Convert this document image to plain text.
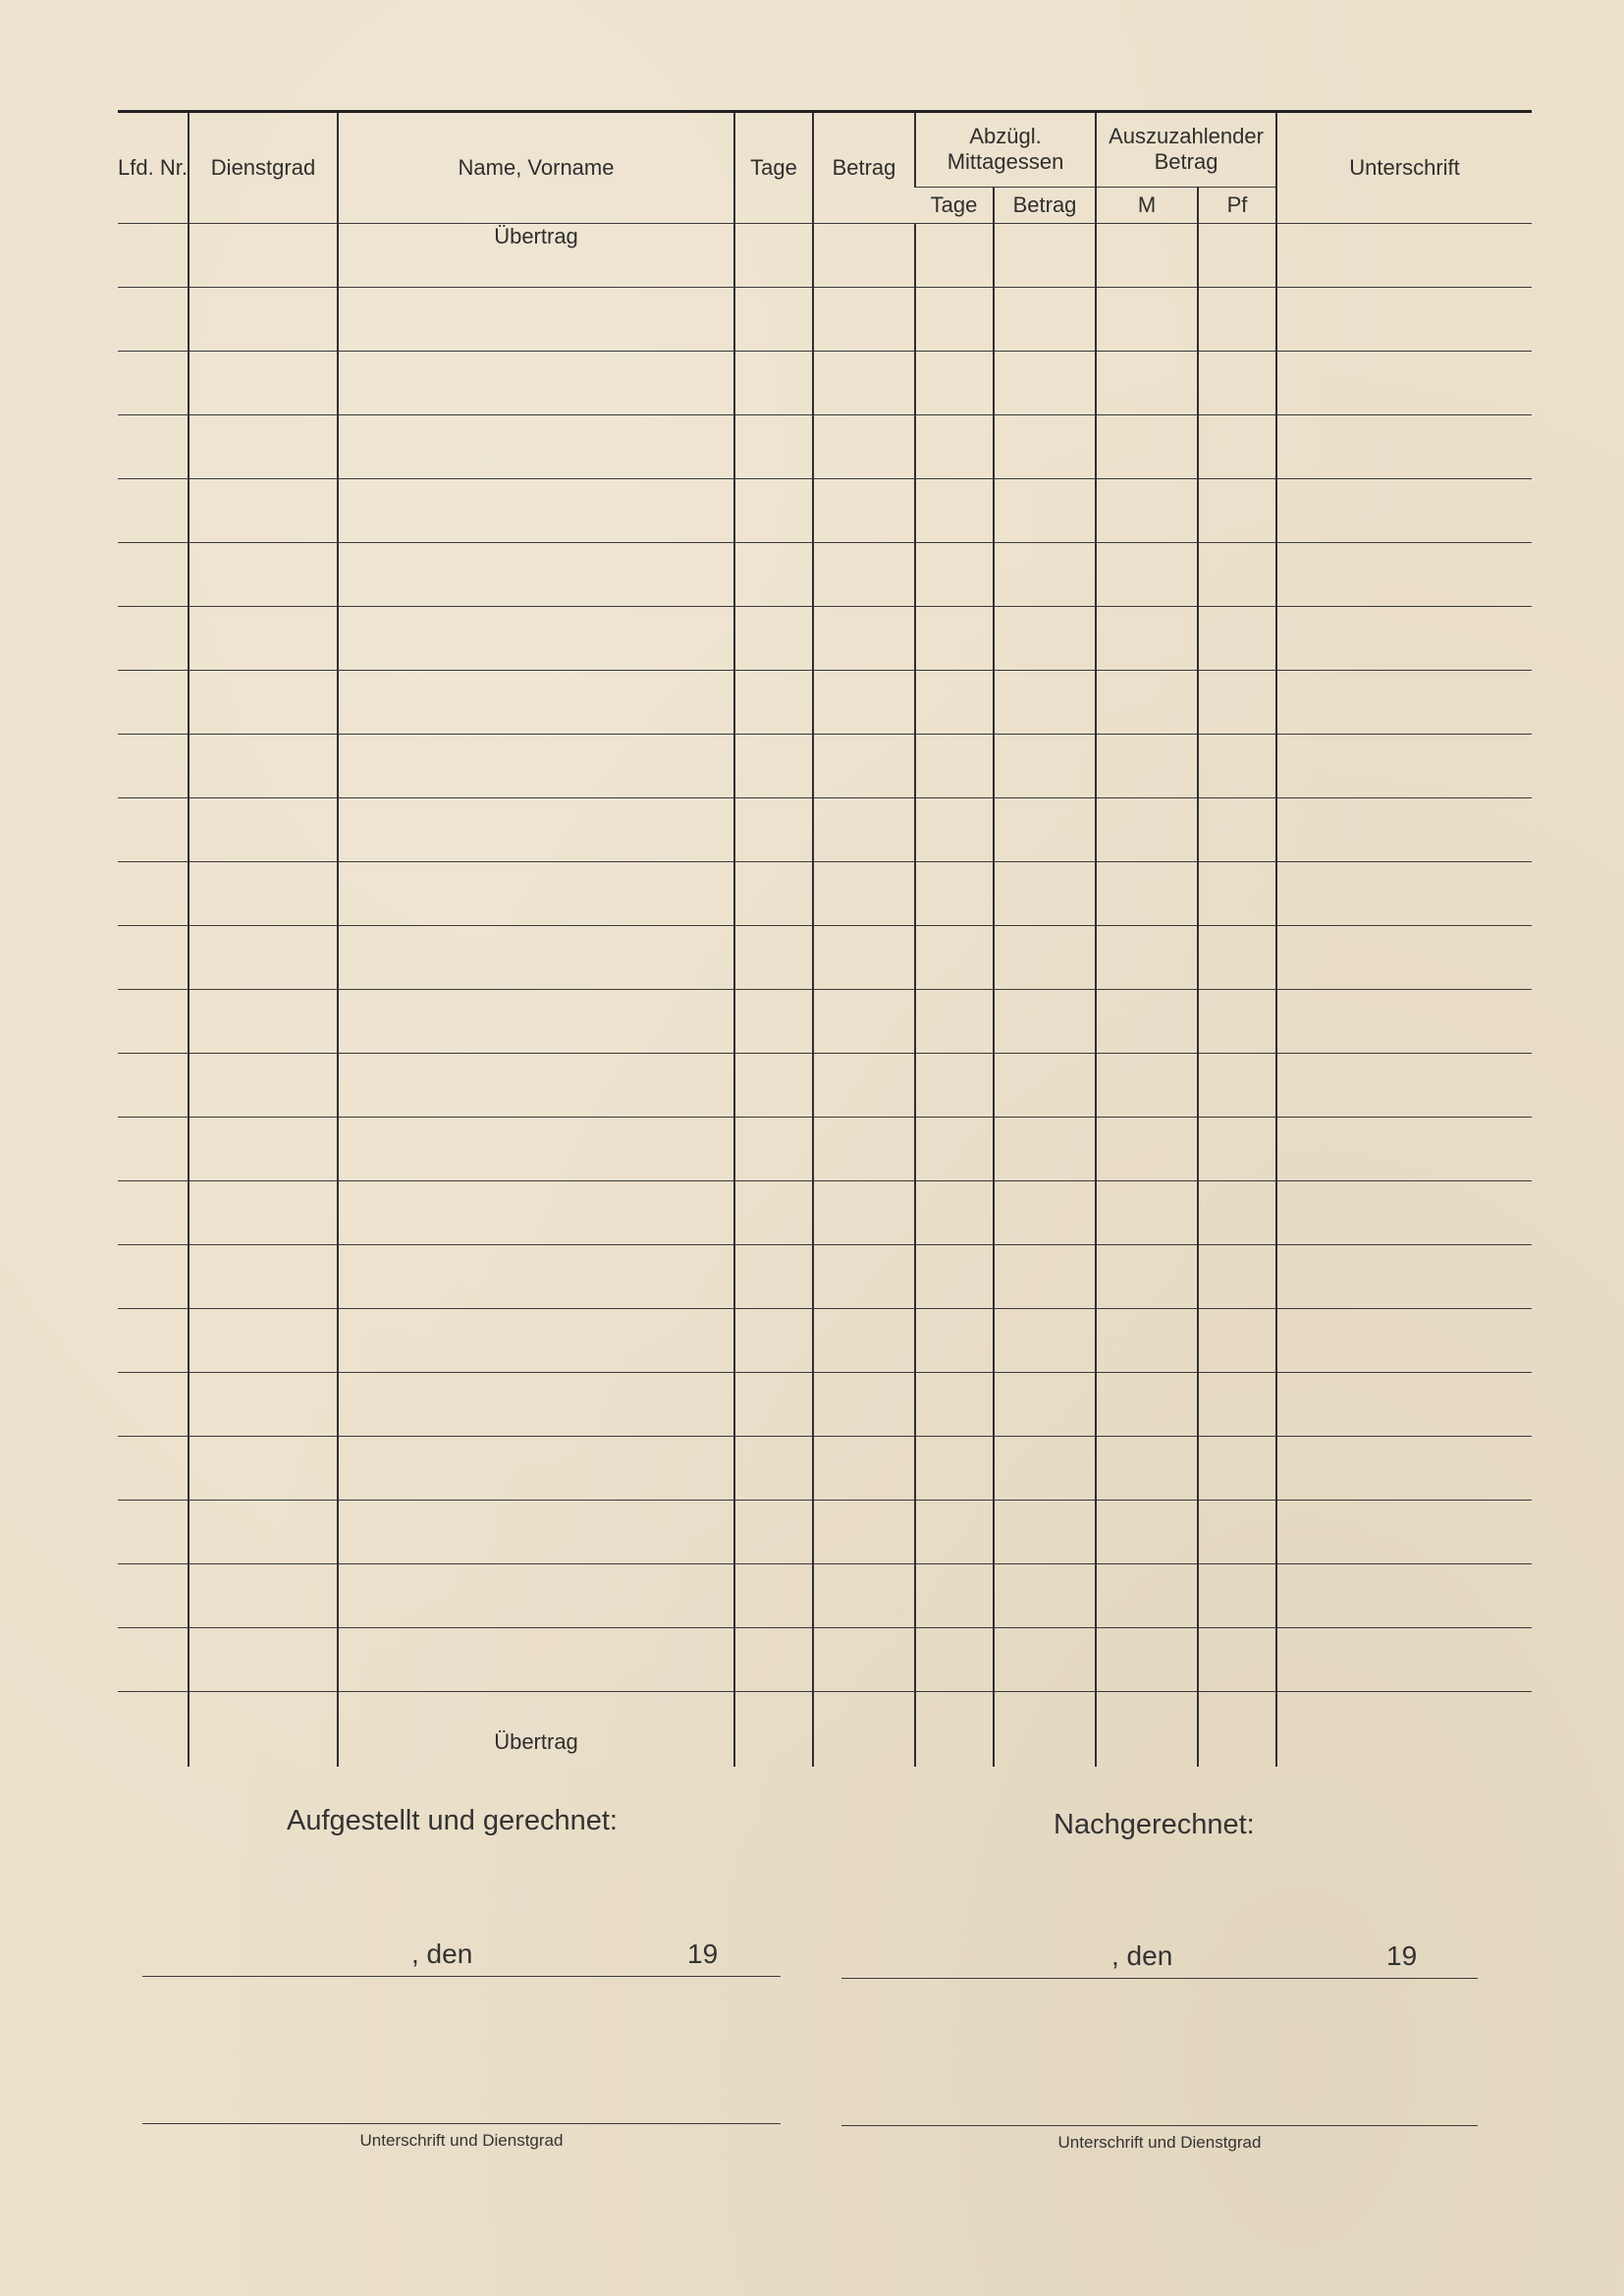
Lfd. Nr.	Dienstgrad	Name, Vorname	Tage	Betrag	Abzügl. Mittagessen		Auszuzahlender Betrag		Unterschrift
					Tage	Betrag	M	Pf	
		Übertrag							

		Übertrag							
Aufgestellt und gerechnet:	Nachgerechnet:
, den	19	, den	19
Unterschrift und Dienstgrad	Unterschrift und Dienstgrad
